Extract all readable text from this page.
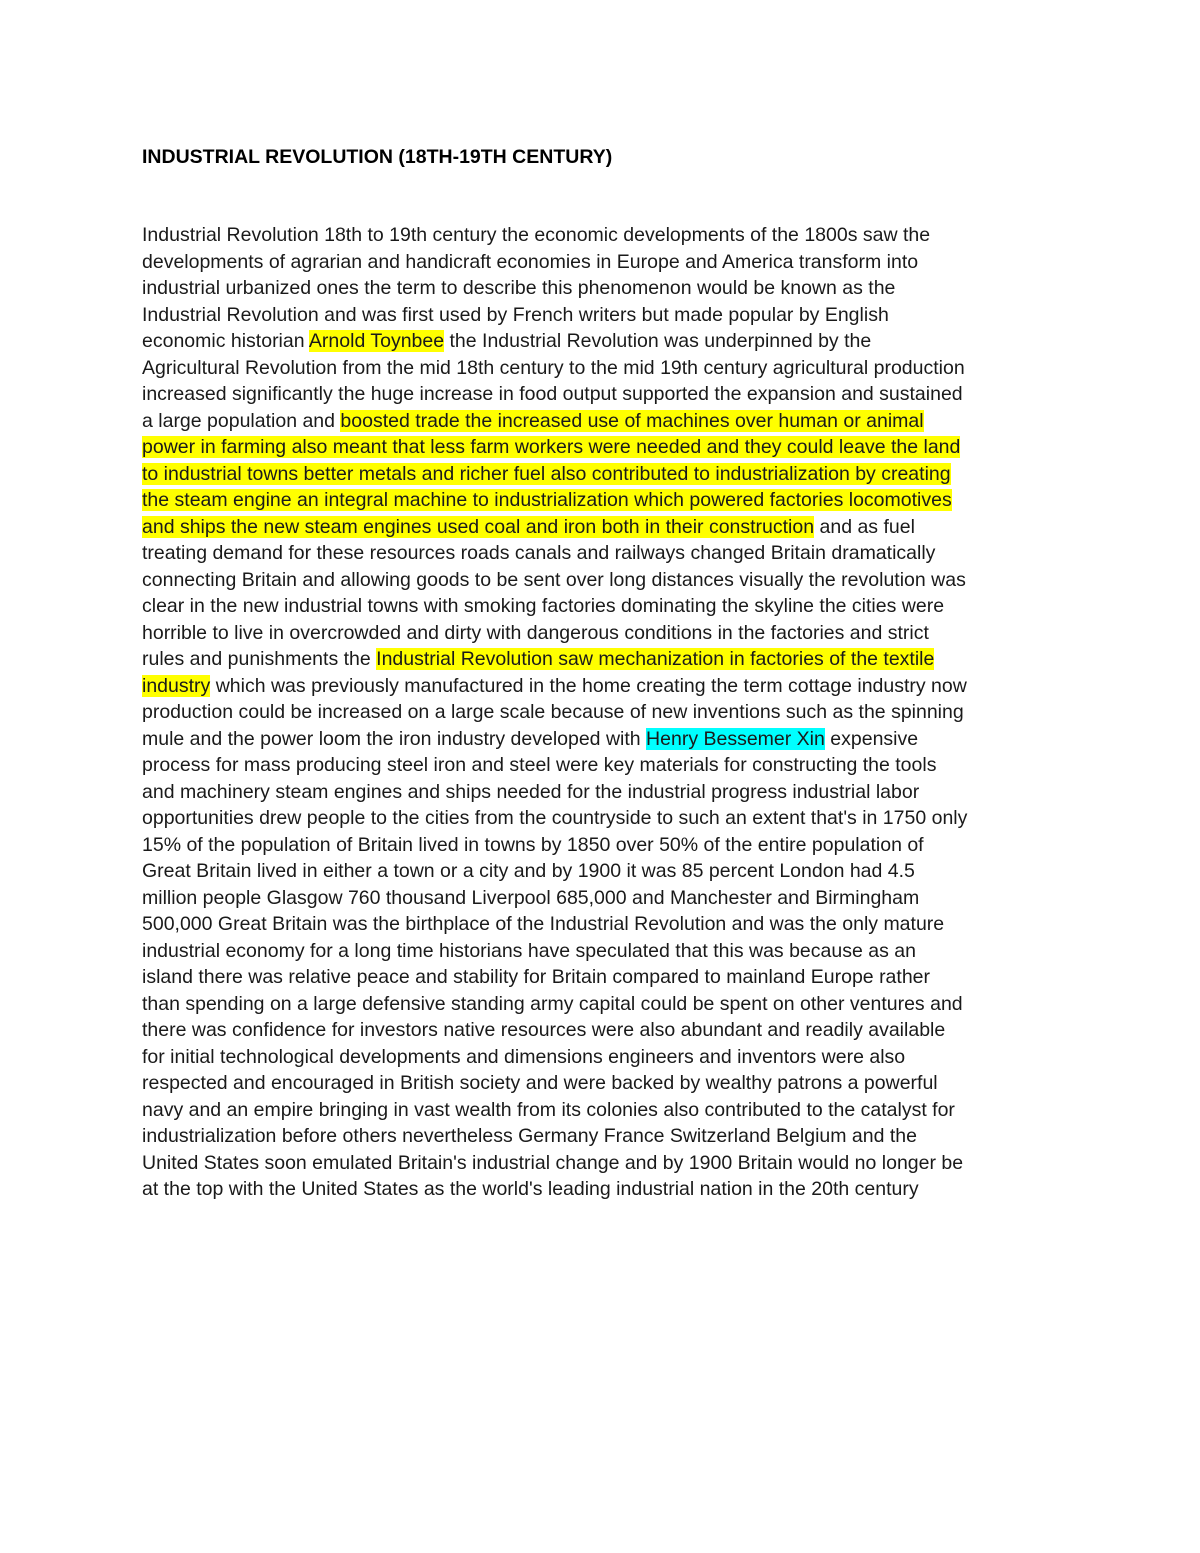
INDUSTRIAL REVOLUTION (18TH-19TH CENTURY)
Industrial Revolution 18th to 19th century the economic developments of the 1800s saw the
developments of agrarian and handicraft economies in Europe and America transform into
industrial urbanized ones the term to describe this phenomenon would be known as the
Industrial Revolution and was first used by French writers but made popular by English
economic historian Arnold Toynbee the Industrial Revolution was underpinned by the
Agricultural Revolution from the mid 18th century to the mid 19th century agricultural production
increased significantly the huge increase in food output supported the expansion and sustained
a large population and boosted trade the increased use of machines over human or animal
power in farming also meant that less farm workers were needed and they could leave the land
to industrial towns better metals and richer fuel also contributed to industrialization by creating
the steam engine an integral machine to industrialization which powered factories locomotives
and ships the new steam engines used coal and iron both in their construction and as fuel
treating demand for these resources roads canals and railways changed Britain dramatically
connecting Britain and allowing goods to be sent over long distances visually the revolution was
clear in the new industrial towns with smoking factories dominating the skyline the cities were
horrible to live in overcrowded and dirty with dangerous conditions in the factories and strict
rules and punishments the Industrial Revolution saw mechanization in factories of the textile
industry which was previously manufactured in the home creating the term cottage industry now
production could be increased on a large scale because of new inventions such as the spinning
mule and the power loom the iron industry developed with Henry Bessemer Xin expensive
process for mass producing steel iron and steel were key materials for constructing the tools
and machinery steam engines and ships needed for the industrial progress industrial labor
opportunities drew people to the cities from the countryside to such an extent that's in 1750 only
15% of the population of Britain lived in towns by 1850 over 50% of the entire population of
Great Britain lived in either a town or a city and by 1900 it was 85 percent London had 4.5
million people Glasgow 760 thousand Liverpool 685,000 and Manchester and Birmingham
500,000 Great Britain was the birthplace of the Industrial Revolution and was the only mature
industrial economy for a long time historians have speculated that this was because as an
island there was relative peace and stability for Britain compared to mainland Europe rather
than spending on a large defensive standing army capital could be spent on other ventures and
there was confidence for investors native resources were also abundant and readily available
for initial technological developments and dimensions engineers and inventors were also
respected and encouraged in British society and were backed by wealthy patrons a powerful
navy and an empire bringing in vast wealth from its colonies also contributed to the catalyst for
industrialization before others nevertheless Germany France Switzerland Belgium and the
United States soon emulated Britain's industrial change and by 1900 Britain would no longer be
at the top with the United States as the world's leading industrial nation in the 20th century
